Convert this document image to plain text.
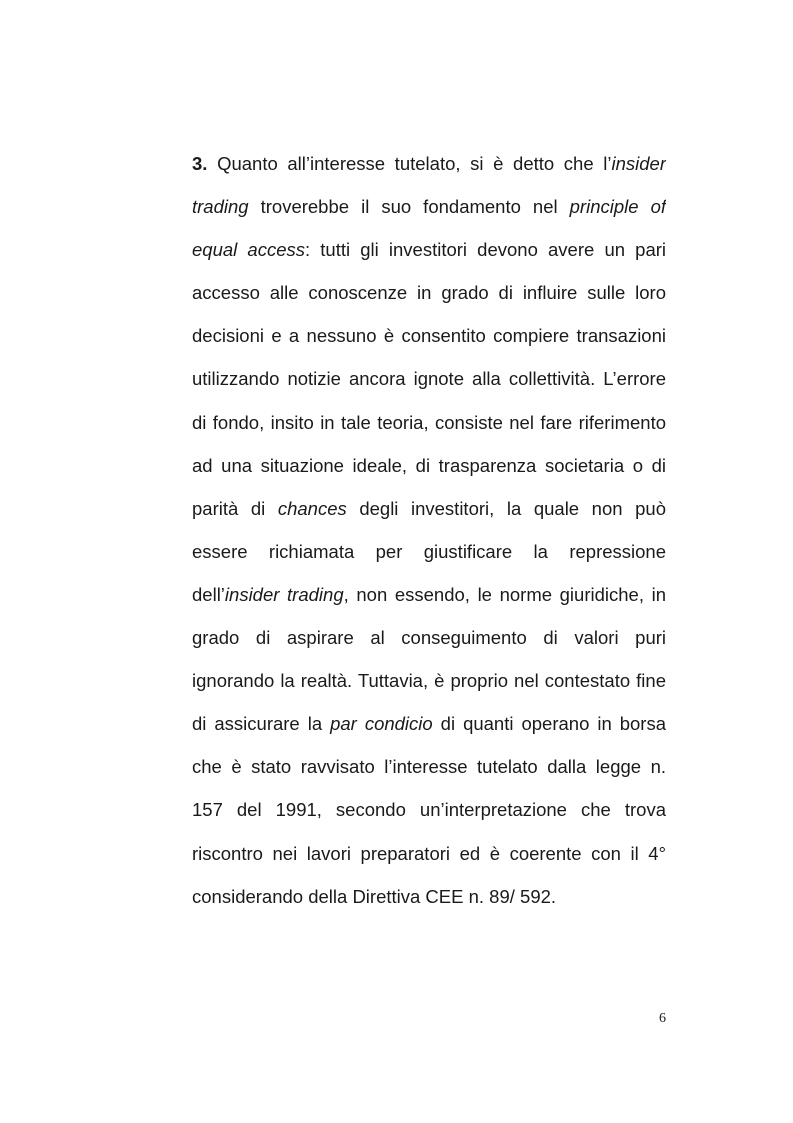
3. Quanto all’interesse tutelato, si è detto che l’insider
trading troverebbe il suo fondamento nel principle of
equal access: tutti gli investitori devono avere un pari
accesso alle conoscenze in grado di influire sulle loro
decisioni e a nessuno è consentito compiere transazioni
utilizzando notizie ancora ignote alla collettività. L’errore
di fondo, insito in tale teoria, consiste nel fare riferimento
ad una situazione ideale, di trasparenza societaria o di
parità di chances degli investitori, la quale non può
essere richiamata per giustificare la repressione
dell’insider trading, non essendo, le norme giuridiche, in
grado di aspirare al conseguimento di valori puri
ignorando la realtà. Tuttavia, è proprio nel contestato fine
di assicurare la par condicio di quanti operano in borsa
che è stato ravvisato l’interesse tutelato dalla legge n.
157 del 1991, secondo un’interpretazione che trova
riscontro nei lavori preparatori ed è coerente con il 4°
considerando della Direttiva CEE n. 89/ 592.
6
